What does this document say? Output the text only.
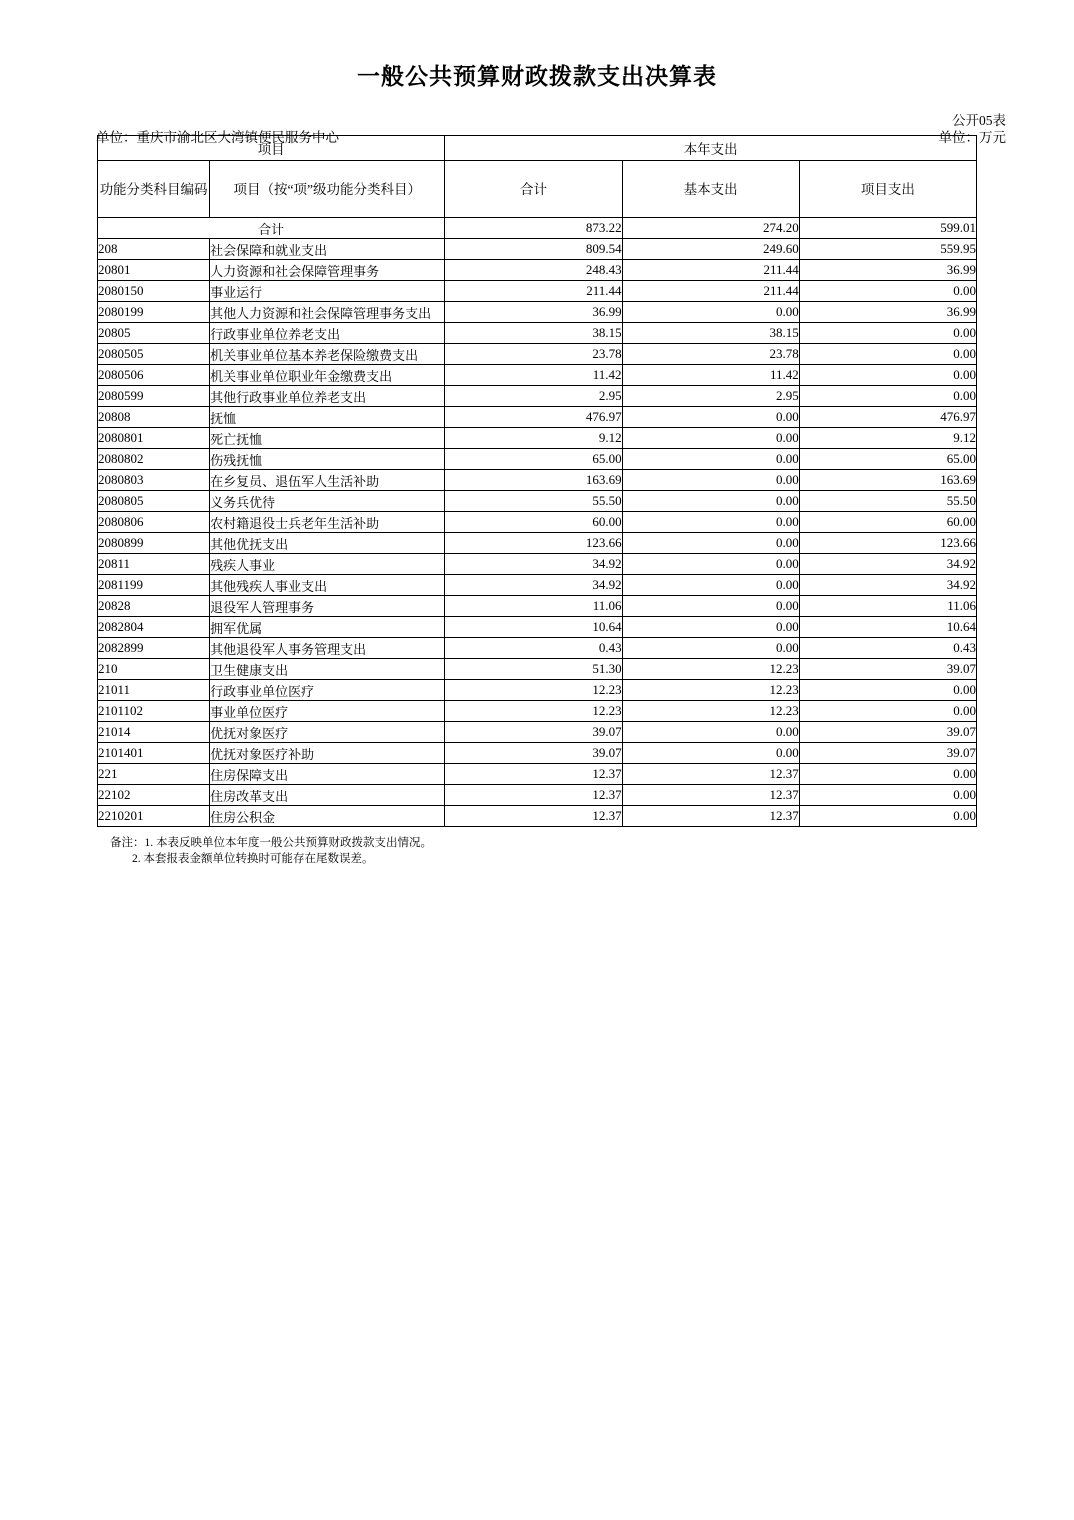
一般公共预算财政拨款支出决算表
公开05表
单位：万元
单位：重庆市渝北区大湾镇便民服务中心
项目		本年支出		
功能分类科目编码	项目（按“项”级功能分类科目）	合计	基本支出	项目支出
合计		873.22	274.20	599.01
208	社会保障和就业支出	809.54	249.60	559.95
20801	人力资源和社会保障管理事务	248.43	211.44	36.99
2080150	事业运行	211.44	211.44	0.00
2080199	其他人力资源和社会保障管理事务支出	36.99	0.00	36.99
20805	行政事业单位养老支出	38.15	38.15	0.00
2080505	机关事业单位基本养老保险缴费支出	23.78	23.78	0.00
2080506	机关事业单位职业年金缴费支出	11.42	11.42	0.00
2080599	其他行政事业单位养老支出	2.95	2.95	0.00
20808	抚恤	476.97	0.00	476.97
2080801	死亡抚恤	9.12	0.00	9.12
2080802	伤残抚恤	65.00	0.00	65.00
2080803	在乡复员、退伍军人生活补助	163.69	0.00	163.69
2080805	义务兵优待	55.50	0.00	55.50
2080806	农村籍退役士兵老年生活补助	60.00	0.00	60.00
2080899	其他优抚支出	123.66	0.00	123.66
20811	残疾人事业	34.92	0.00	34.92
2081199	其他残疾人事业支出	34.92	0.00	34.92
20828	退役军人管理事务	11.06	0.00	11.06
2082804	拥军优属	10.64	0.00	10.64
2082899	其他退役军人事务管理支出	0.43	0.00	0.43
210	卫生健康支出	51.30	12.23	39.07
21011	行政事业单位医疗	12.23	12.23	0.00
2101102	事业单位医疗	12.23	12.23	0.00
21014	优抚对象医疗	39.07	0.00	39.07
2101401	优抚对象医疗补助	39.07	0.00	39.07
221	住房保障支出	12.37	12.37	0.00
22102	住房改革支出	12.37	12.37	0.00
2210201	住房公积金	12.37	12.37	0.00
备注：1. 本表反映单位本年度一般公共预算财政拨款支出情况。
2. 本套报表金额单位转换时可能存在尾数误差。
